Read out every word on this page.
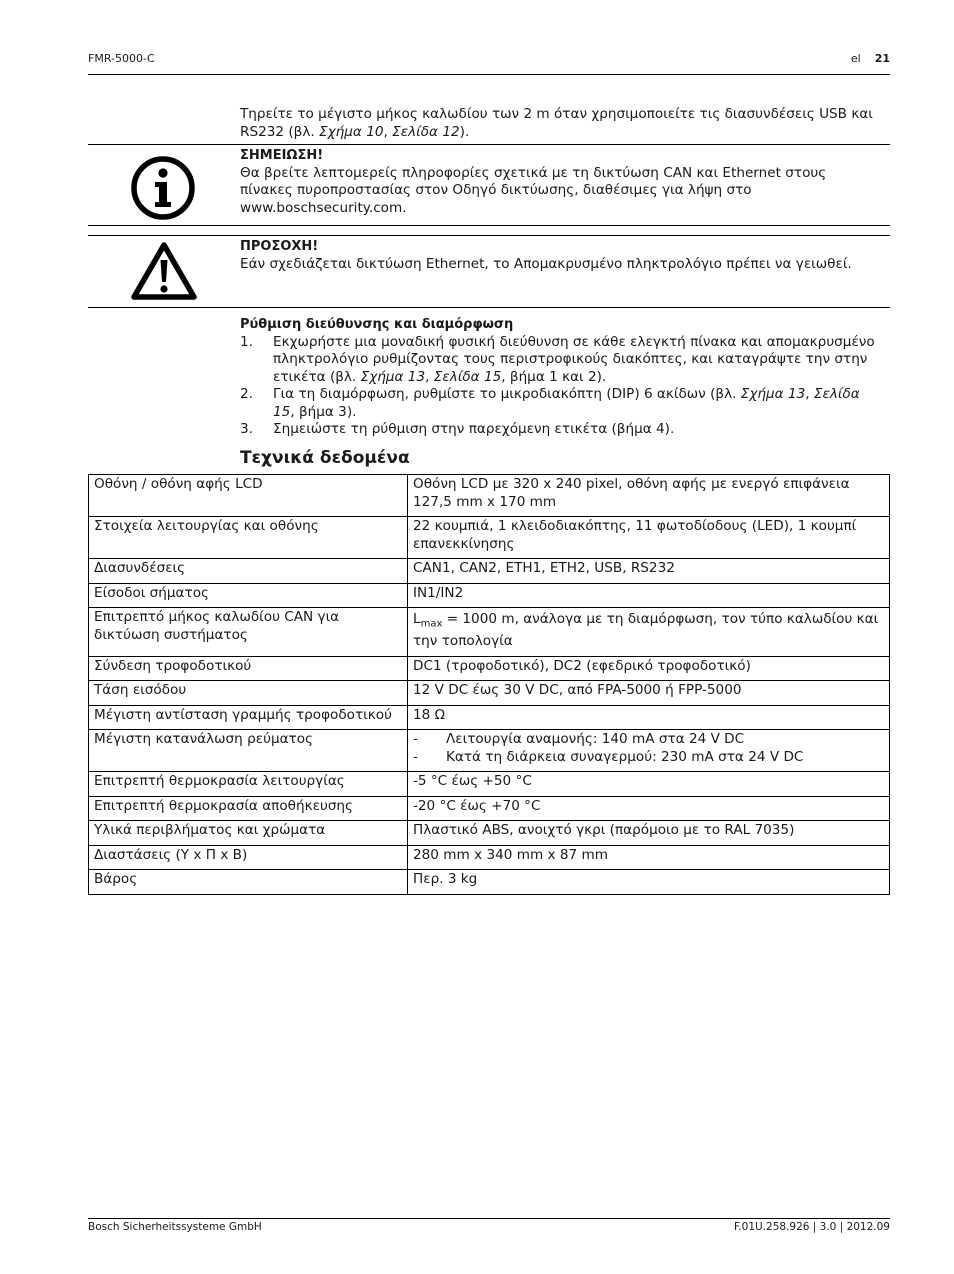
FMR-5000-C	el 21
Τηρείτε το μέγιστο μήκος καλωδίου των 2 m όταν χρησιμοποιείτε τις διασυνδέσεις USB και RS232 (βλ. Σχήμα 10, Σελίδα 12).
ΣΗΜΕΙΩΣΗ!
Θα βρείτε λεπτομερείς πληροφορίες σχετικά με τη δικτύωση CAN και Ethernet στους πίνακες πυροπροστασίας στον Οδηγό δικτύωσης, διαθέσιμες για λήψη στο www.boschsecurity.com.
ΠΡΟΣΟΧΗ!
Εάν σχεδιάζεται δικτύωση Ethernet, το Απομακρυσμένο πληκτρολόγιο πρέπει να γειωθεί.
Ρύθμιση διεύθυνσης και διαμόρφωση
1. Εκχωρήστε μια μοναδική φυσική διεύθυνση σε κάθε ελεγκτή πίνακα και απομακρυσμένο πληκτρολόγιο ρυθμίζοντας τους περιστροφικούς διακόπτες, και καταγράψτε την στην ετικέτα (βλ. Σχήμα 13, Σελίδα 15, βήμα 1 και 2).
2. Για τη διαμόρφωση, ρυθμίστε το μικροδιακόπτη (DIP) 6 ακίδων (βλ. Σχήμα 13, Σελίδα 15, βήμα 3).
3. Σημειώστε τη ρύθμιση στην παρεχόμενη ετικέτα (βήμα 4).
Τεχνικά δεδομένα
Οθόνη / οθόνη αφής LCD	Οθόνη LCD με 320 x 240 pixel, οθόνη αφής με ενεργό επιφάνεια 127,5 mm x 170 mm
Στοιχεία λειτουργίας και οθόνης	22 κουμπιά, 1 κλειδοδιακόπτης, 11 φωτοδίοδους (LED), 1 κουμπί επανεκκίνησης
Διασυνδέσεις	CAN1, CAN2, ETH1, ETH2, USB, RS232
Είσοδοι σήματος	IN1/IN2
Επιτρεπτό μήκος καλωδίου CAN για δικτύωση συστήματος	$L_{max} = 1000$ m, ανάλογα με τη διαμόρφωση, τον τύπο καλωδίου και την τοπολογία
Σύνδεση τροφοδοτικού	DC1 (τροφοδοτικό), DC2 (εφεδρικό τροφοδοτικό)
Τάση εισόδου	12 V DC έως 30 V DC, από FPA-5000 ή FPP-5000
Μέγιστη αντίσταση γραμμής τροφοδοτικού	18 Ω
Μέγιστη κατανάλωση ρεύματος	- Λειτουργία αναμονής: 140 mA στα 24 V DC
- Κατά τη διάρκεια συναγερμού: 230 mA στα 24 V DC

Επιτρεπτή θερμοκρασία λειτουργίας	-5 °C έως +50 °C
Επιτρεπτή θερμοκρασία αποθήκευσης	-20 °C έως +70 °C
Υλικά περιβλήματος και χρώματα	Πλαστικό ABS, ανοιχτό γκρι (παρόμοιο με το RAL 7035)
Διαστάσεις (Υ x Π x Β)	280 mm x 340 mm x 87 mm
Βάρος	Περ. 3 kg
Bosch Sicherheitssysteme GmbH	F.01U.258.926 | 3.0 | 2012.09
